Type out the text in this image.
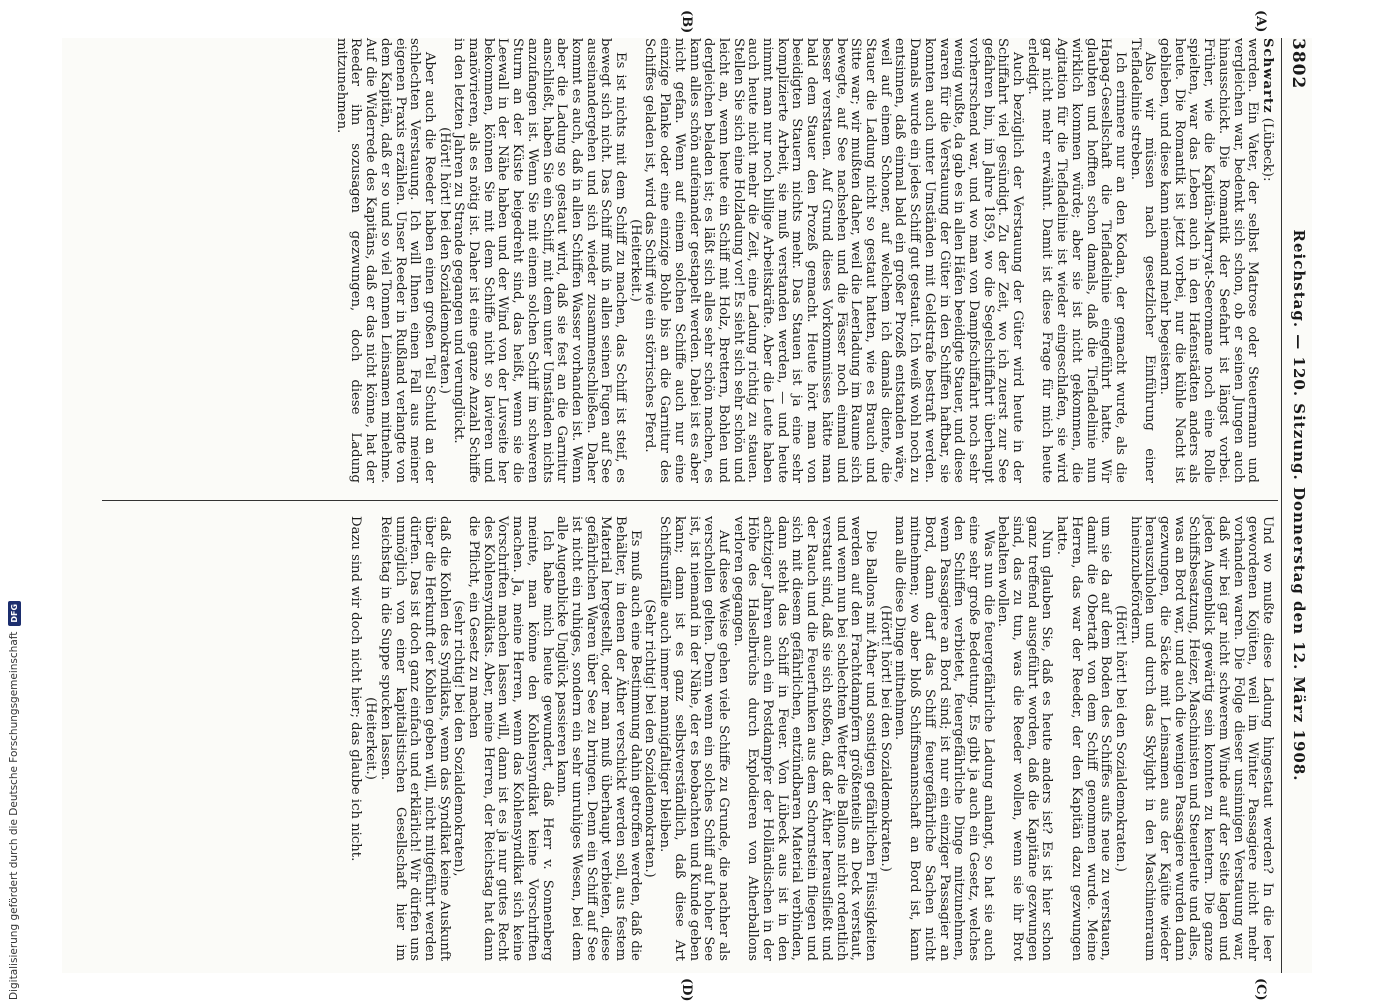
3802
Reichstag. — 120. Sitzung. Donnerstag den 12. März 1908.
(A)
(B)
(C)
(D)

Schwartz (Lübeck):

werden. Ein Vater, der selbst Matrose oder Steuermann und vergleichen war, bedenkt sich schon, ob er seinen Jungen auch hinausschickt. Die Romantik der Seefahrt ist längst vorbei. Früher, wie die Kapitän-Marryat-Seeromane noch eine Rolle spielten, war das Leben auch in den Hafenstädten anders als heute. Die Romantik ist jetzt vorbei, nur die kühle Nacht ist geblieben, und diese kann niemand mehr begeistern.

Also wir müssen nach gesetzlicher Einführung einer Tiefladelinie streben.

Ich erinnere nur an den Kodan, der gemacht wurde, als die Hapag-Gesellschaft die Tiefladelinie eingeführt hatte. Wir glaubten und hofften schon damals, daß die Tiefladelinie nun wirklich kommen würde; aber sie ist nicht gekommen, die Agitation für die Tiefladelinie ist wieder eingeschlafen, sie wird gar nicht mehr erwähnt. Damit ist diese Frage für mich heute erledigt.

Auch bezüglich der Verstauung der Güter wird heute in der Schiffahrt viel gesündigt. Zu der Zeit, wo ich zuerst zur See gefahren bin, im Jahre 1859, wo die Segelschiffahrt überhaupt vorherrschend war, und wo man von Dampfschiffahrt noch sehr wenig wußte, da gab es in allen Häfen beeidigte Stauer, und diese waren für die Verstauung der Güter in den Schiffen haftbar, sie konnten auch unter Umständen mit Geldstrafe bestraft werden. Damals wurde ein jedes Schiff gut gestaut. Ich weiß wohl noch zu entsinnen, daß einmal bald ein großer Prozeß entstanden wäre, weil auf einem Schoner, auf welchem ich damals diente, die Stauer die Ladung nicht so gestaut hatten, wie es Brauch und Sitte war; wir mußten daher, weil die Leerladung im Raume sich bewegte, auf See nachsehen und die Fässer noch einmal und besser verstauen. Auf Grund dieses Vorkommnisses hätte man bald dem Stauer den Prozeß gemacht. Heute hört man von beeidigten Stauern nichts mehr. Das Stauen ist ja eine sehr komplizierte Arbeit, sie muß verstanden werden, — und heute nimmt man nur noch billige Arbeitskräfte. Aber die Leute haben auch heute nicht mehr die Zeit, eine Ladung richtig zu stauen. Stellen Sie sich eine Holzladung vor! Es sieht sich sehr schön und leicht an, wenn heute ein Schiff mit Holz, Brettern, Bohlen und dergleichen beladen ist; es läßt sich alles sehr schön machen, es kann alles schön aufeinander gestapelt werden. Dabei ist es aber nicht gefan. Wenn auf einem solchen Schiffe auch nur eine einzige Planke oder eine einzige Bohle bis an die Garnitur des Schiffes geladen ist, wird das Schiff wie ein störrisches Pferd.

(Heiterkeit.)

Es ist nichts mit dem Schiff zu machen, das Schiff ist steif, es bewegt sich nicht. Das Schiff muß in allen seinen Fugen auf See auseinandergehen und sich wieder zusammenschließen. Daher kommt es auch, daß in allen Schiffen Wasser vorhanden ist. Wenn aber die Ladung so gestaut wird, daß sie fest an die Garnitur anschließt, haben Sie ein Schiff, mit dem unter Umständen nichts anzufangen ist. Wenn Sie mit einem solchen Schiff im schweren Sturm an der Küste beigedreht sind, das heißt, wenn sie die Leewall in der Nähe haben und der Wind von der Luvseite her bekommen, können Sie mit dem Schiffe nicht so lavieren und manövrieren, als es nötig ist. Daher ist eine ganze Anzahl Schiffe in den letzten Jahren zu Strande gegangen und verunglückt.

(Hört! hört! bei den Sozialdemokraten.)

Aber auch die Reeder haben einen großen Teil Schuld an der schlechten Verstauung. Ich will Ihnen einen Fall aus meiner eigenen Praxis erzählen. Unser Reeder in Rußland verlangte von dem Kapitän, daß er so und so viel Tonnen Leinsamen mitnehme. Auf die Widerrede des Kapitäns, daß er das nicht könne, hat der Reeder ihn sozusagen gezwungen, doch diese Ladung mitzunehmen.

Und wo mußte diese Ladung hingestaut werden? In die leer gewordenen Kojüten, weil im Winter Passagiere nicht mehr vorhanden waren. Die Folge dieser unsinnigen Verstauung war, daß wir bei gar nicht schwerem Winde auf der Seite lagen und jeden Augenblick gewärtig sein konnten zu kentern. Die ganze Schiffsbesatzung, Heizer, Maschinisten und Steuerleute und alles, was an Bord war, und auch die wenigen Passagiere wurden dann gezwungen, die Säcke mit Leinsamen aus der Kajüte wieder herauszuholen und durch das Skylight in den Maschinenraum hineinzubefördern.

(Hört! hört! bei den Sozialdemokraten.)

um sie da auf dem Boden des Schiffes aufs neue zu verstauen, damit die Obertaft von dem Schiff genommen wurde. Meine Herren, das war der Reeder, der den Kapitän dazu gezwungen hatte.

Nun glauben Sie, daß es heute anders ist? Es ist hier schon ganz treffend ausgeführt worden, daß die Kapitäne gezwungen sind, das zu tun, was die Reeder wollen, wenn sie ihr Brot behalten wollen.

Was nun die feuergefährliche Ladung anlangt, so hat sie auch eine sehr große Bedeutung. Es gibt ja auch ein Gesetz, welches den Schiffen verbietet, feuergefährliche Dinge mitzunehmen, wenn Passagiere an Bord sind; ist nur ein einziger Passagier an Bord, dann darf das Schiff feuergefährliche Sachen nicht mitnehmen; wo aber bloß Schiffsmannschaft an Bord ist, kann man alle diese Dinge mitnehmen.

(Hört! hört! bei den Sozialdemokraten.)

Die Ballons mit Äther und sonstigen gefährlichen Flüssigkeiten werden auf den Frachtdampfern größtenteils an Deck verstaut, und wenn nun bei schlechtem Wetter die Ballons nicht ordentlich verstaut sind, daß sie sich stoßen, daß der Äther herausfließt und der Rauch und die Feuerfunken aus dem Schornstein fliegen und sich mit diesem gefährlichen, entzündbaren Material verbinden, dann steht das Schiff in Feuer. Von Lübeck aus ist in den achtziger Jahren auch ein Postdampfer der Holländischen in der Höhe des Halselbrüchs durch Explodieren von Atherballons verloren gegangen.

Auf diese Weise gehen viele Schiffe zu Grunde, die nachher als verschollen gelten. Denn wenn ein solches Schiff auf hoher See ist, ist niemand in der Nähe, der es beobachten und Kunde geben kann; dann ist es ganz selbstverständlich, daß diese Art Schiffsunfälle auch immer mannigfaltiger bleiben.

(Sehr richtig! bei den Sozialdemokraten.)

Es muß auch eine Bestimmung dahin getroffen werden, daß die Behälter, in denen der Äther verschickt werden soll, aus festem Material hergestellt, oder man muß überhaupt verbieten, diese gefährlichen Waren über See zu bringen. Denn ein Schiff auf See ist nicht ein ruhiges, sondern ein sehr unruhiges Wesen, bei dem alle Augenblicke Unglück passieren kann.

Ich habe mich heute gewundert, daß Herr v. Sonnenberg meinte, man könne den Kohlensyndikat keine Vorschriften machen. Ja, meine Herren, wenn das Kohlensyndikat sich keine Vorschriften machen lassen will, dann ist es ja nur gutes Recht des Kohlensyndikats. Aber, meine Herren, der Reichstag hat dann die Pflicht, ein Gesetz zu machen

(sehr richtig! bei den Sozialdemokraten),

daß die Kohlen des Syndikats, wenn das Syndikat keine Auskunft über die Herkunft der Kohlen geben will, nicht mitgeführt werden dürfen. Das ist doch ganz einfach und erklärlich! Wir dürfen uns unmöglich von einer kapitalistischen Gesellschaft hier im Reichstag in die Suppe spucken lassen.

(Heiterkeit.)

Dazu sind wir doch nicht hier; das glaube ich nicht.

Digitalisierung gefördert durch die Deutsche Forschungsgemeinschaft
DFG
